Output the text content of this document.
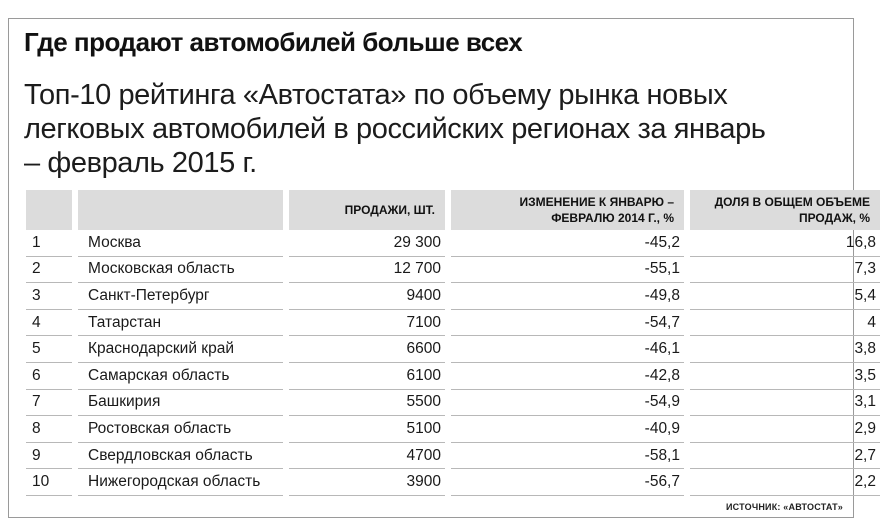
Где продают автомобилей больше всех
Топ-10 рейтинга «Автостата» по объему рынка новых
легковых автомобилей в российских регионах за январь
– февраль 2015 г.
		ПРОДАЖИ, ШТ.	ИЗМЕНЕНИЕ К ЯНВАРЮ – ФЕВРАЛЮ 2014 Г., %	ДОЛЯ В ОБЩЕМ ОБЪЕМЕ ПРОДАЖ, %
1	Москва	29 300	-45,2	16,8
2	Московская область	12 700	-55,1	7,3
3	Санкт-Петербург	9400	-49,8	5,4
4	Татарстан	7100	-54,7	4
5	Краснодарский край	6600	-46,1	3,8
6	Самарская область	6100	-42,8	3,5
7	Башкирия	5500	-54,9	3,1
8	Ростовская область	5100	-40,9	2,9
9	Свердловская область	4700	-58,1	2,7
10	Нижегородская область	3900	-56,7	2,2
ИСТОЧНИК: «АВТОСТАТ»
